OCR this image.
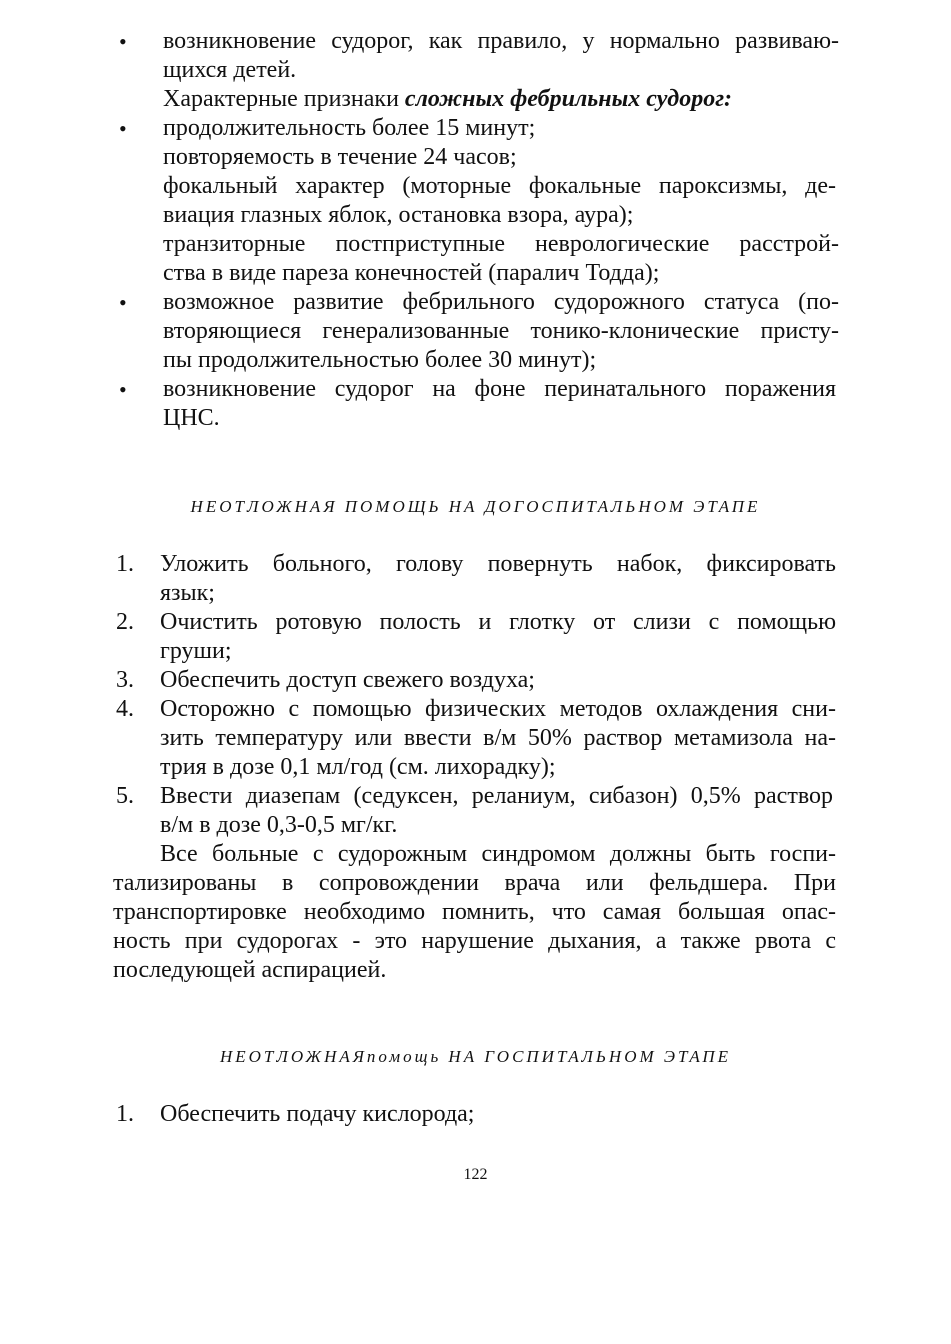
• возникновение судорог, как правило, у нормально развиваю-
щихся детей.
Характерные признаки сложных фебрильных судорог:
• продолжительность более 15 минут;
повторяемость в течение 24 часов;
фокальный характер (моторные фокальные пароксизмы, де-
виация глазных яблок, остановка взора, аура);
транзиторные постприступные неврологические расстрой-
ства в виде пареза конечностей (паралич Тодда);
• возможное развитие фебрильного судорожного статуса (по-
вторяющиеся генерализованные тонико-клонические присту-
пы продолжительностью более 30 минут);
• возникновение судорог на фоне перинатального поражения
ЦНС.
НЕОТЛОЖНАЯ ПОМОЩЬ НА ДОГОСПИТАЛЬНОМ ЭТАПЕ
1. Уложить больного, голову повернуть набок, фиксировать
язык;
2. Очистить ротовую полость и глотку от слизи с помощью
груши;
3. Обеспечить доступ свежего воздуха;
4. Осторожно с помощью физических методов охлаждения сни-
зить температуру или ввести в/м 50% раствор метамизола на-
трия в дозе 0,1 мл/год (см. лихорадку);
5. Ввести диазепам (седуксен, реланиум, сибазон) 0,5% раствор
в/м в дозе 0,3-0,5 мг/кг.
Все больные с судорожным синдромом должны быть госпи-
тализированы в сопровождении врача или фельдшера. При
транспортировке необходимо помнить, что самая большая опас-
ность при судорогах - это нарушение дыхания, а также рвота с
последующей аспирацией.
НЕОТЛОЖНАЯпомощь НА ГОСПИТАЛЬНОМ ЭТАПЕ
1. Обеспечить подачу кислорода;
122
